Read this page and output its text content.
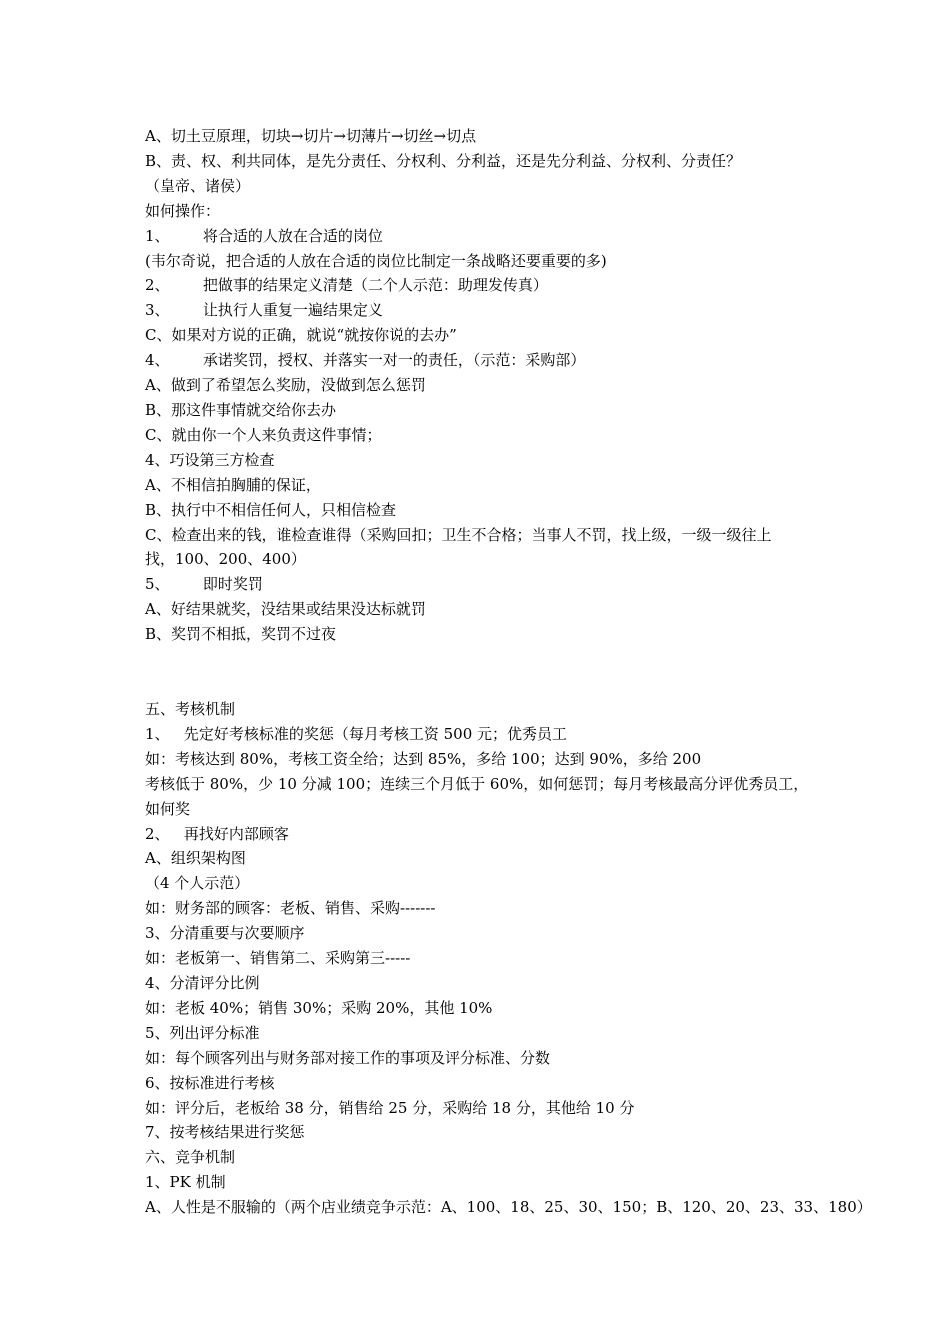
A、切土豆原理，切块→切片→切薄片→切丝→切点
B、责、权、利共同体，是先分责任、分权利、分利益，还是先分利益、分权利、分责任？
（皇帝、诸侯）
如何操作：
1、       将合适的人放在合适的岗位
(韦尔奇说，把合适的人放在合适的岗位比制定一条战略还要重要的多)
2、       把做事的结果定义清楚（二个人示范：助理发传真）
3、       让执行人重复一遍结果定义
C、如果对方说的正确，就说“就按你说的去办”
4、       承诺奖罚，授权、并落实一对一的责任，（示范：采购部）
A、做到了希望怎么奖励，没做到怎么惩罚
B、那这件事情就交给你去办
C、就由你一个人来负责这件事情；
4、巧设第三方检查
A、不相信拍胸脯的保证，
B、执行中不相信任何人，只相信检查
C、检查出来的钱，谁检查谁得（采购回扣；卫生不合格；当事人不罚，找上级，一级一级往上
找，100、200、400）
5、       即时奖罚
A、好结果就奖，没结果或结果没达标就罚
B、奖罚不相抵，奖罚不过夜
五、考核机制
1、   先定好考核标准的奖惩（每月考核工资 500 元；优秀员工
如：考核达到 80%，考核工资全给；达到 85%，多给 100；达到 90%，多给 200
考核低于 80%，少 10 分减 100；连续三个月低于 60%，如何惩罚；每月考核最高分评优秀员工，
如何奖
2、   再找好内部顾客
A、组织架构图
（4 个人示范）
如：财务部的顾客：老板、销售、采购-------
3、分清重要与次要顺序
如：老板第一、销售第二、采购第三-----
4、分清评分比例
如：老板 40%；销售 30%；采购 20%，其他 10%
5、列出评分标准
如：每个顾客列出与财务部对接工作的事项及评分标准、分数
6、按标准进行考核
如：评分后，老板给 38 分，销售给 25 分，采购给 18 分，其他给 10 分
7、按考核结果进行奖惩
六、竞争机制
1、PK 机制
A、人性是不服输的（两个店业绩竞争示范：A、100、18、25、30、150；B、120、20、23、33、180）
